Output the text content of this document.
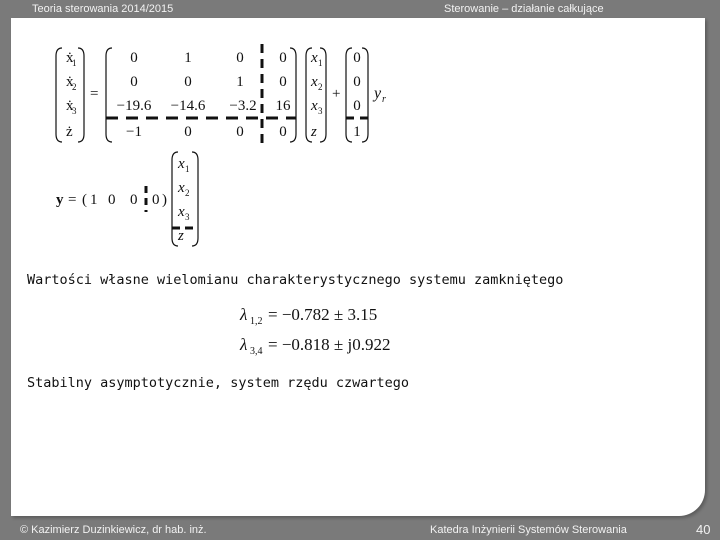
Teoria sterowania 2014/2015	Sterowanie – działanie całkujące
ẋ
1
ẋ
2
ẋ
3
ż
=
0	1	0 0
0	0	1 0
−19.6 −14.6 −3.2 16
−1	0	0 0
x 1
x 2
x 3
z
+
0
0
0
1
y r
y = ( 1 0 0 0 )
x 1
x 2
x 3
z
λ 1,2 = −0.782 ± 3.15
λ 3,4 = −0.818 ± j0.922
Wartości własne wielomianu charakterystycznego systemu zamkniętego
Stabilny asymptotycznie, system rzędu czwartego
© Kazimierz Duzinkiewicz, dr hab. inż.	Katedra Inżynierii Systemów Sterowania	40
